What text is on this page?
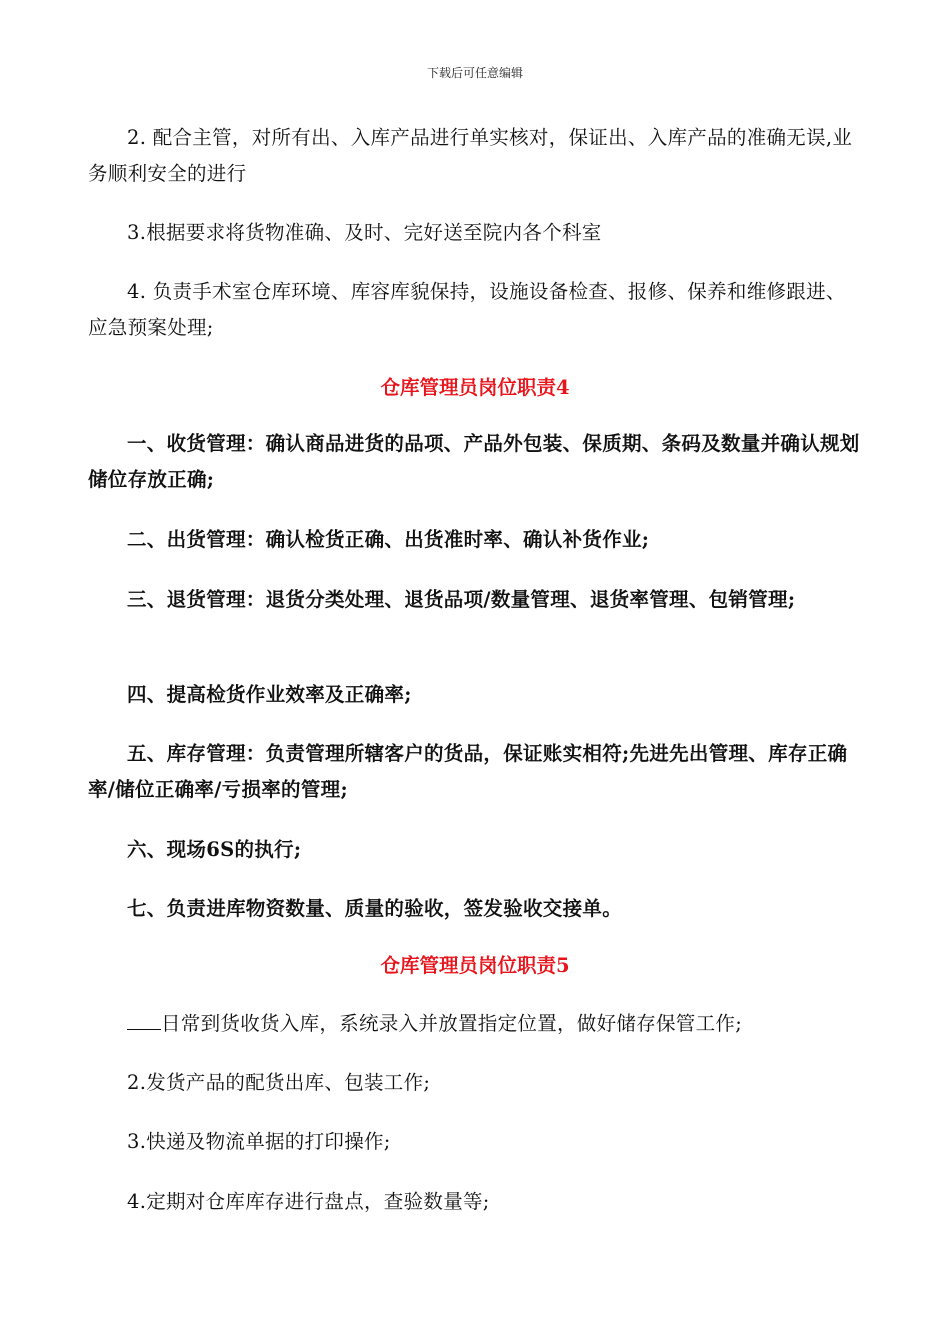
下载后可任意编辑
2. 配合主管，对所有出、入库产品进行单实核对，保证出、入库产品的准确无误,业务顺利安全的进行
3.根据要求将货物准确、及时、完好送至院内各个科室
4. 负责手术室仓库环境、库容库貌保持，设施设备检查、报修、保养和维修跟进、应急预案处理;
仓库管理员岗位职责4
一、收货管理：确认商品进货的品项、产品外包装、保质期、条码及数量并确认规划储位存放正确;
二、出货管理：确认检货正确、出货准时率、确认补货作业;
三、退货管理：退货分类处理、退货品项/数量管理、退货率管理、包销管理;
四、提高检货作业效率及正确率;
五、库存管理：负责管理所辖客户的货品，保证账实相符;先进先出管理、库存正确率/储位正确率/亏损率的管理;
六、现场6S的执行;
七、负责进库物资数量、质量的验收，签发验收交接单。
仓库管理员岗位职责5
日常到货收货入库，系统录入并放置指定位置，做好储存保管工作;
2.发货产品的配货出库、包装工作;
3.快递及物流单据的打印操作;
4.定期对仓库库存进行盘点，查验数量等;
